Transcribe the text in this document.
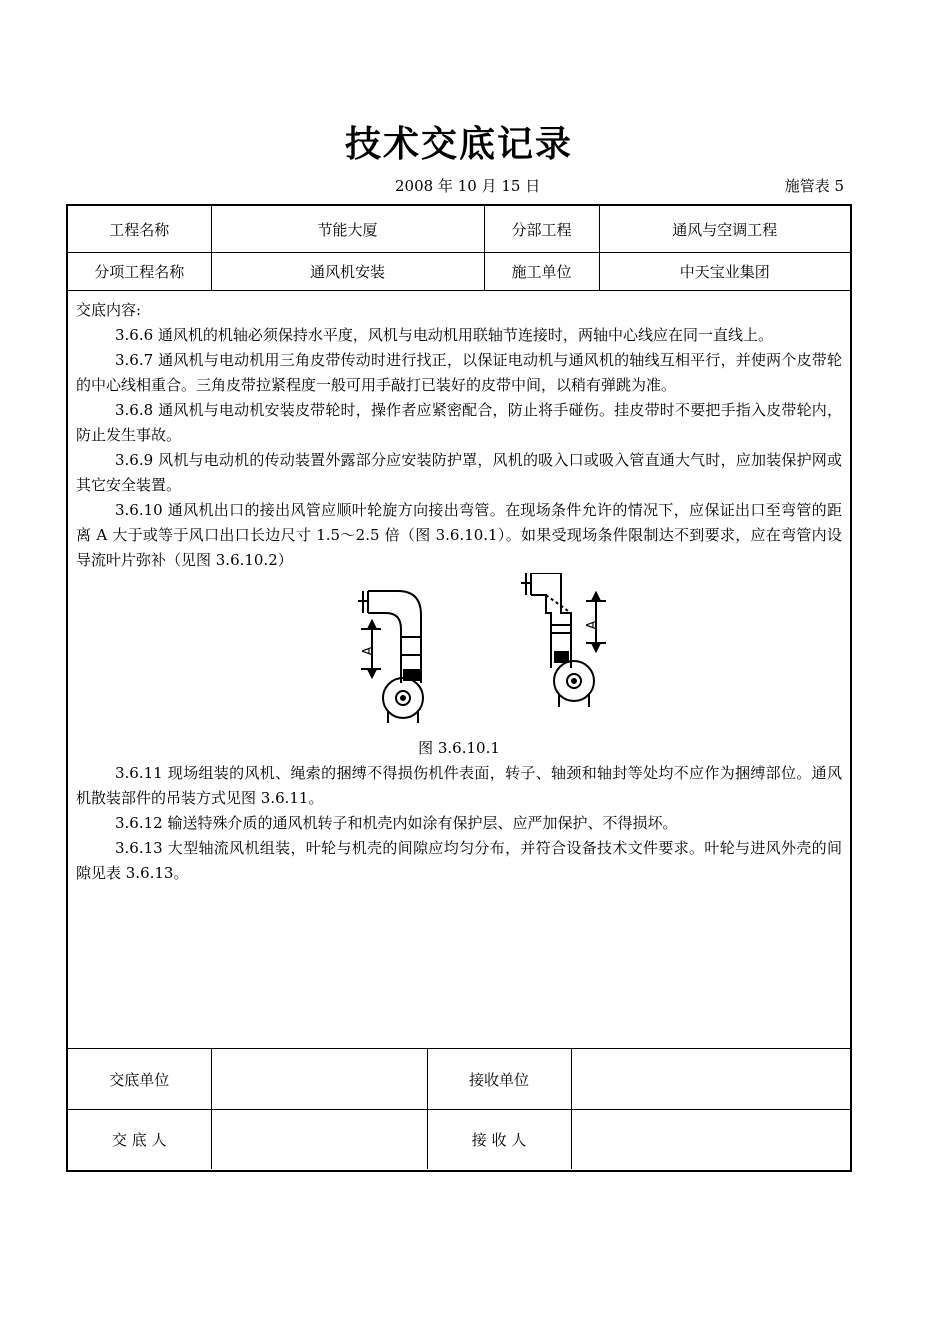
技术交底记录
2008 年 10 月 15 日	施管表 5
工程名称	节能大厦	分部工程	通风与空调工程
分项工程名称	通风机安装	施工单位	中天宝业集团
交底内容:

3.6.6 通风机的机轴必须保持水平度，风机与电动机用联轴节连接时，两轴中心线应在同一直线上。

3.6.7 通风机与电动机用三角皮带传动时进行找正，以保证电动机与通风机的轴线互相平行，并使两个皮带轮的中心线相重合。三角皮带拉紧程度一般可用手敲打已装好的皮带中间，以稍有弹跳为准。

3.6.8 通风机与电动机安装皮带轮时，操作者应紧密配合，防止将手碰伤。挂皮带时不要把手指入皮带轮内，防止发生事故。

3.6.9 风机与电动机的传动装置外露部分应安装防护罩，风机的吸入口或吸入管直通大气时，应加装保护网或其它安全装置。

3.6.10 通风机出口的接出风管应顺叶轮旋方向接出弯管。在现场条件允许的情况下，应保证出口至弯管的距离 A 大于或等于风口出口长边尺寸 1.5～2.5 倍（图 3.6.10.1）。如果受现场条件限制达不到要求，应在弯管内设导流叶片弥补（见图 3.6.10.2）

A
A
图 3.6.10.1

3.6.11 现场组装的风机、绳索的捆缚不得损伤机件表面，转子、轴颈和轴封等处均不应作为捆缚部位。通风机散装部件的吊装方式见图 3.6.11。

3.6.12 输送特殊介质的通风机转子和机壳内如涂有保护层、应严加保护、不得损坏。

3.6.13 大型轴流风机组装，叶轮与机壳的间隙应均匀分布，并符合设备技术文件要求。叶轮与进风外壳的间隙见表 3.6.13。

交底单位		接收单位	
交 底 人		接 收 人	
